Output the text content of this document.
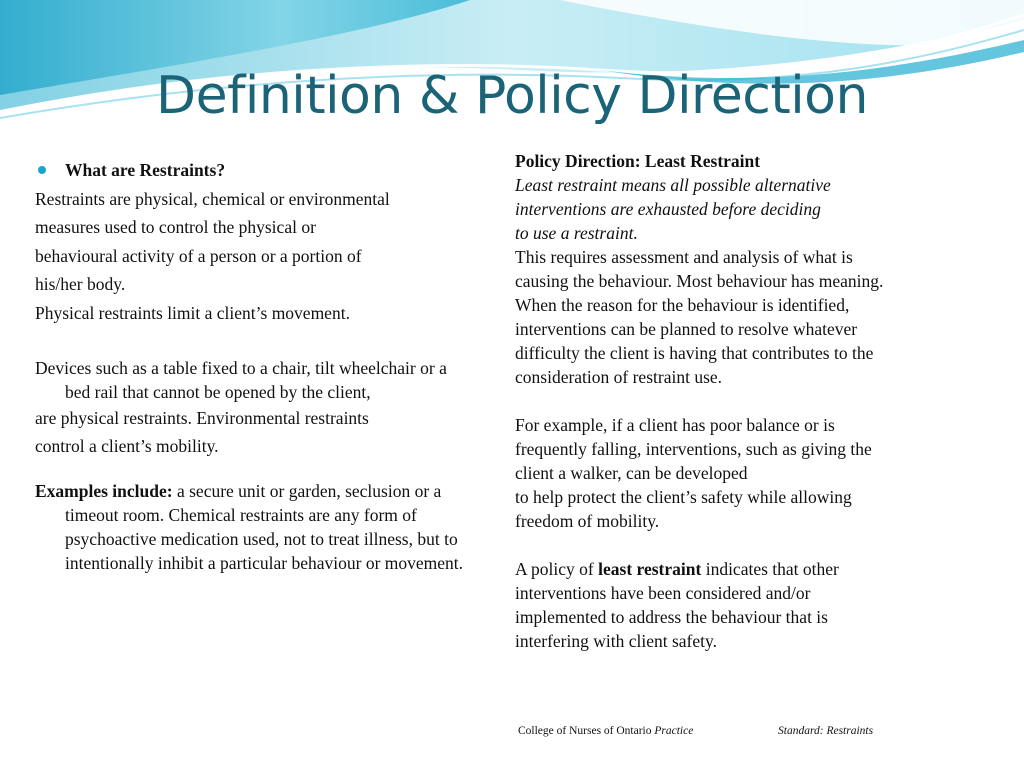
Definition & Policy Direction

What are Restraints?

Restraints are physical, chemical or environmental

measures used to control the physical or

behavioural activity of a person or a portion of

his/her body.

Physical restraints limit a client’s movement.

Devices such as a table fixed to a chair, tilt wheelchair or a bed rail that cannot be opened by the client,

are physical restraints. Environmental restraints

control a client’s mobility.

Examples include: a secure unit or garden, seclusion or a timeout room. Chemical restraints are any form of psychoactive medication used, not to treat illness, but to intentionally inhibit a particular behaviour or movement.

Policy Direction: Least Restraint

Least restraint means all possible alternative

interventions are exhausted before deciding

to use a restraint.

This requires assessment and analysis of what is

causing the behaviour. Most behaviour has meaning.

When the reason for the behaviour is identified,

interventions can be planned to resolve whatever

difficulty the client is having that contributes to the

consideration of restraint use.

For example, if a client has poor balance or is

frequently falling, interventions, such as giving the

client a walker, can be developed

to help protect the client’s safety while allowing

freedom of mobility.

A policy of least restraint indicates that other

interventions have been considered and/or

implemented to address the behaviour that is

interfering with client safety.

College of Nurses of Ontario Practice	Standard: Restraints
